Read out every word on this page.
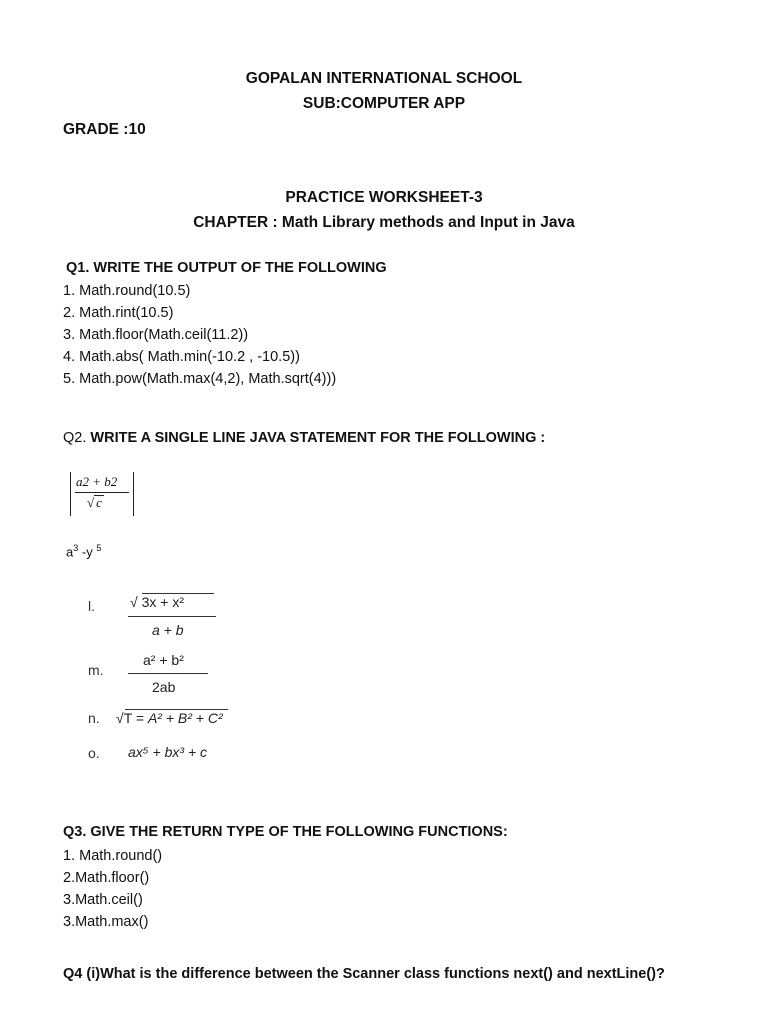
GOPALAN INTERNATIONAL SCHOOL
SUB:COMPUTER APP
GRADE :10
PRACTICE WORKSHEET-3
CHAPTER : Math Library methods and Input in Java
Q1. WRITE THE OUTPUT OF THE FOLLOWING
1. Math.round(10.5)
2. Math.rint(10.5)
3. Math.floor(Math.ceil(11.2))
4. Math.abs( Math.min(-10.2 , -10.5))
5. Math.pow(Math.max(4,2), Math.sqrt(4)))
Q2. WRITE A SINGLE LINE JAVA STATEMENT FOR THE FOLLOWING :
a2 + b2
√ c
$a^3$ -y $^5$
l.	√ 3x + x²
a + b
m.
a² + b²
2ab
n. √T = A² + B² + C²
o. ax⁵ + bx³ + c
Q3. GIVE THE RETURN TYPE OF THE FOLLOWING FUNCTIONS:
1. Math.round()
2.Math.floor()
3.Math.ceil()
3.Math.max()
Q4 (i)What is the difference between the Scanner class functions next() and nextLine()?
